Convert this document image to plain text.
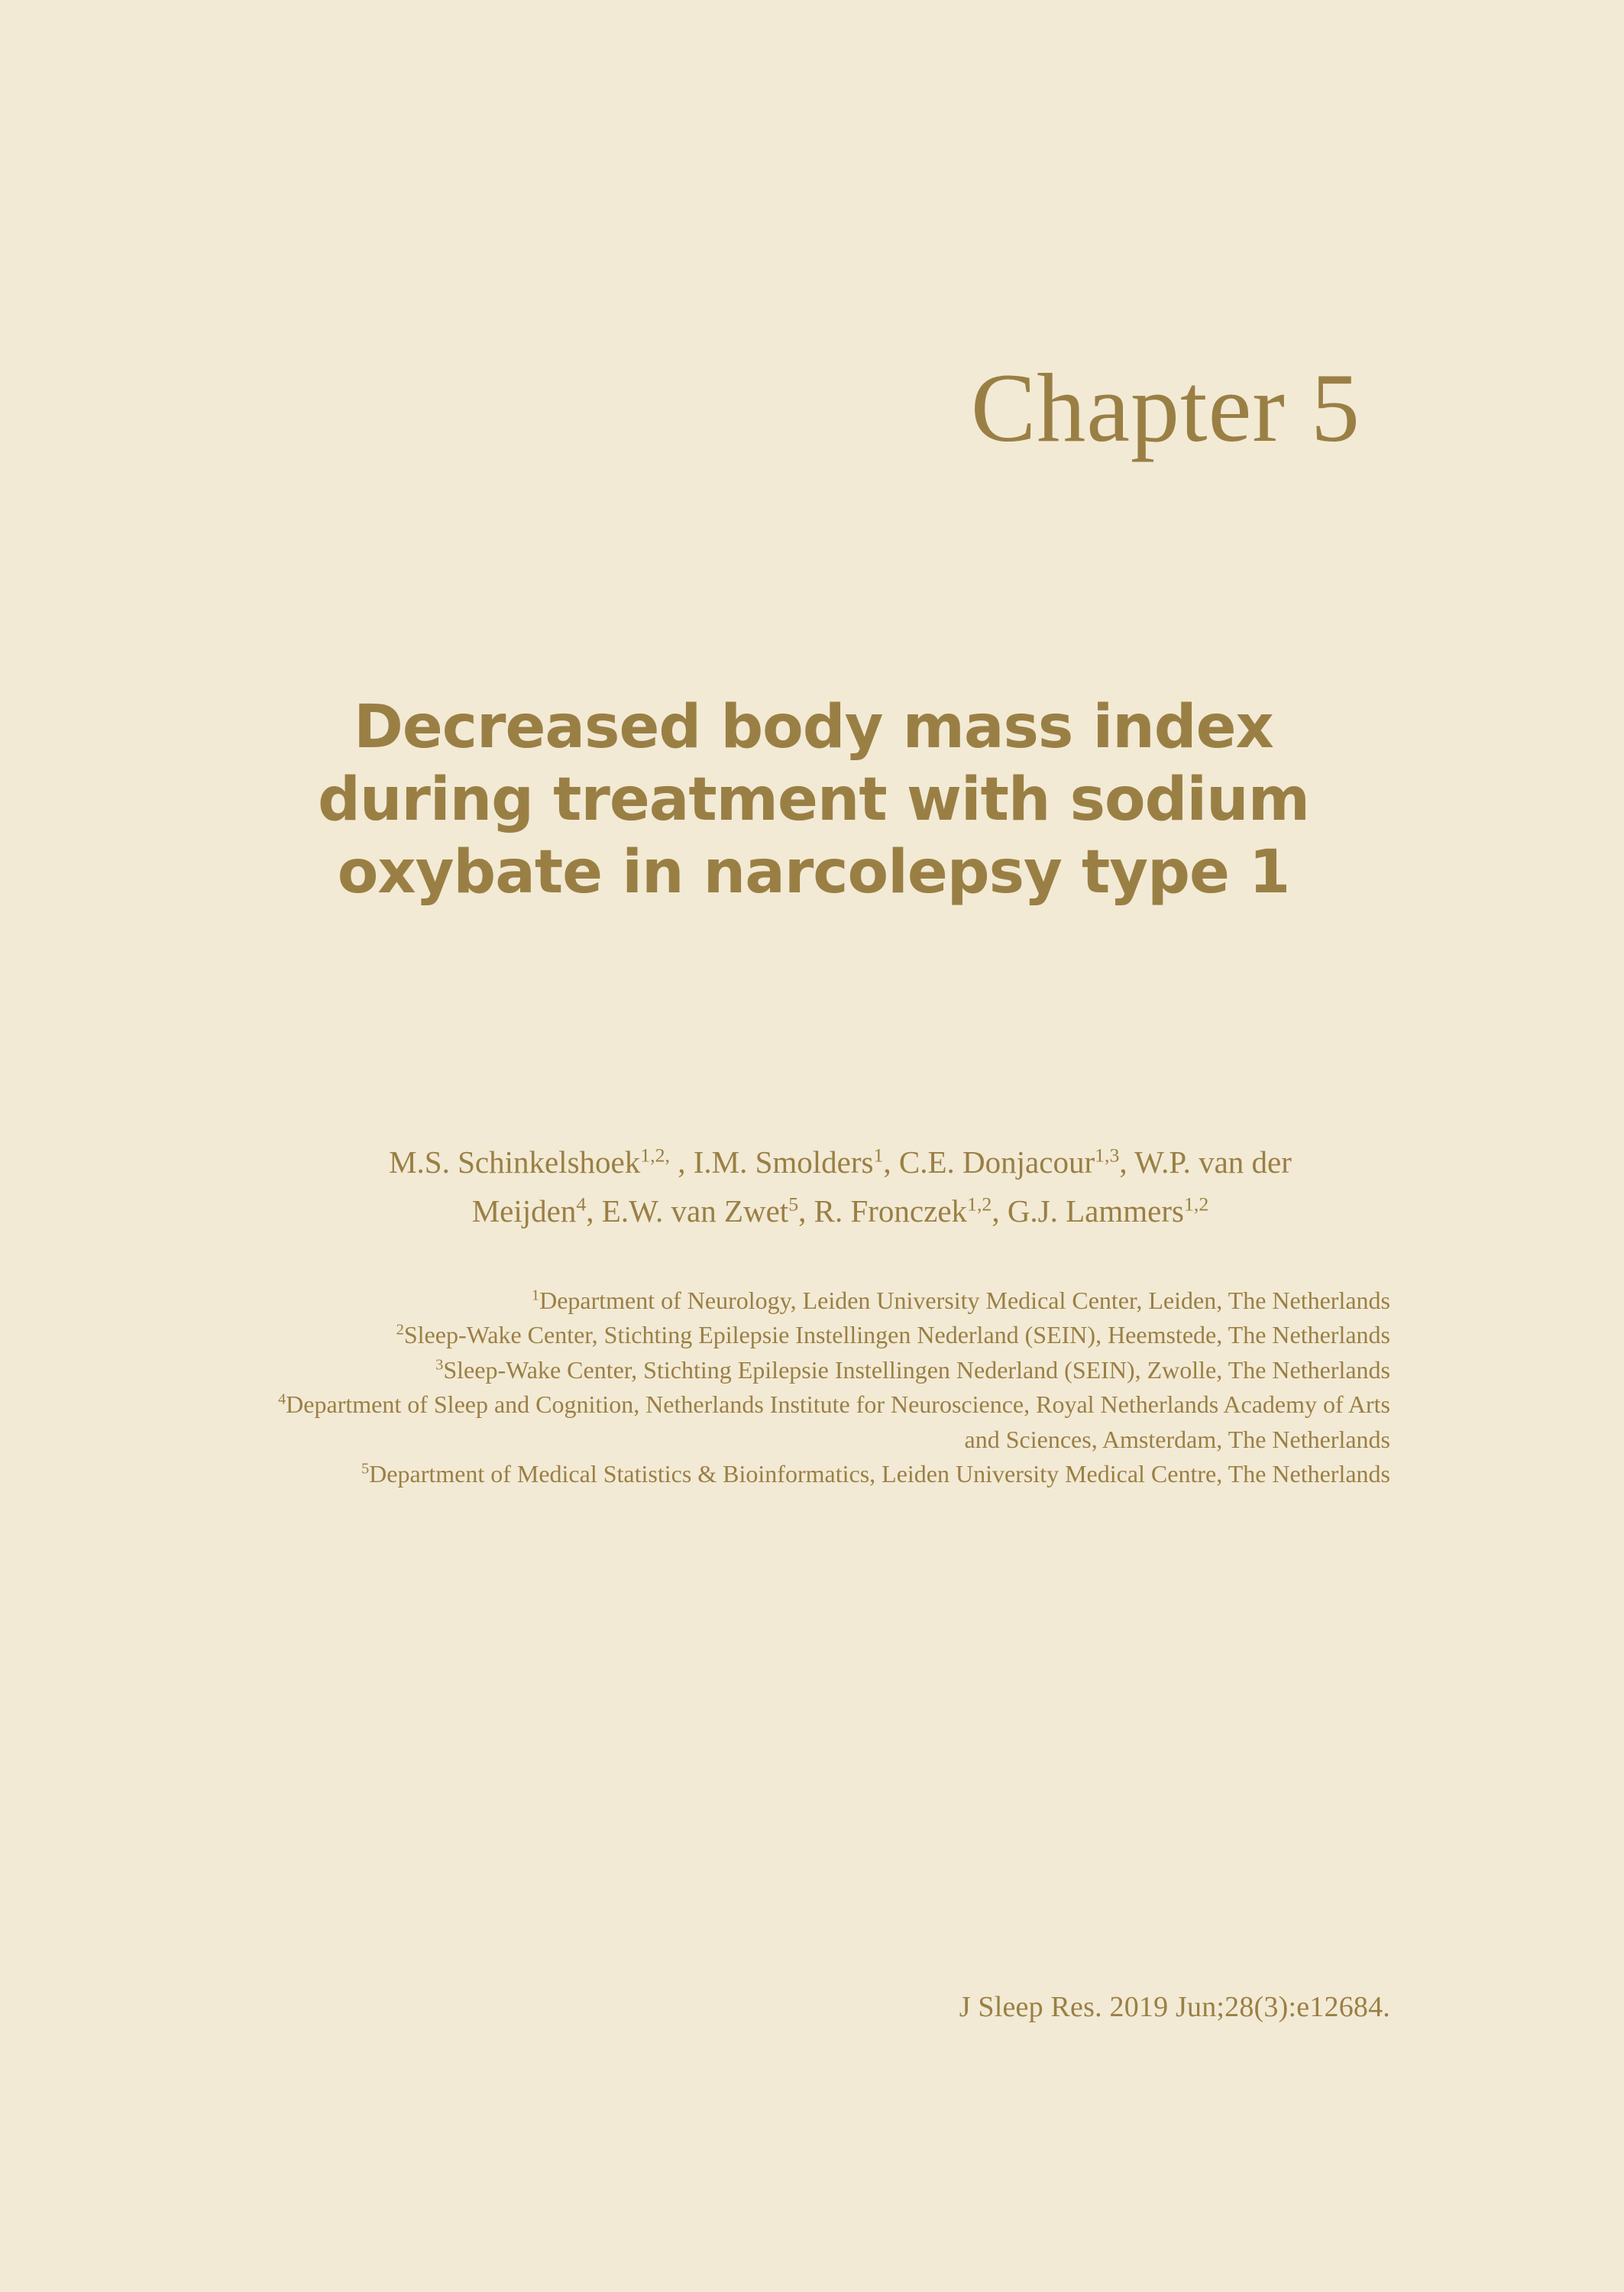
Chapter 5
Decreased body mass index
during treatment with sodium
oxybate in narcolepsy type 1
M.S. Schinkelshoek$^{1,2,}$ , I.M. Smolders$^1$, C.E. Donjacour$^{1,3}$, W.P. van der
Meijden$^4$, E.W. van Zwet$^5$, R. Fronczek$^{1,2}$, G.J. Lammers$^{1,2}$
$^1$Department of Neurology, Leiden University Medical Center, Leiden, The Netherlands
$^2$Sleep-Wake Center, Stichting Epilepsie Instellingen Nederland (SEIN), Heemstede, The Netherlands
$^3$Sleep-Wake Center, Stichting Epilepsie Instellingen Nederland (SEIN), Zwolle, The Netherlands
$^4$Department of Sleep and Cognition, Netherlands Institute for Neuroscience, Royal Netherlands Academy of Arts and Sciences, Amsterdam, The Netherlands
$^5$Department of Medical Statistics & Bioinformatics, Leiden University Medical Centre, The Netherlands
J Sleep Res. 2019 Jun;28(3):e12684.
